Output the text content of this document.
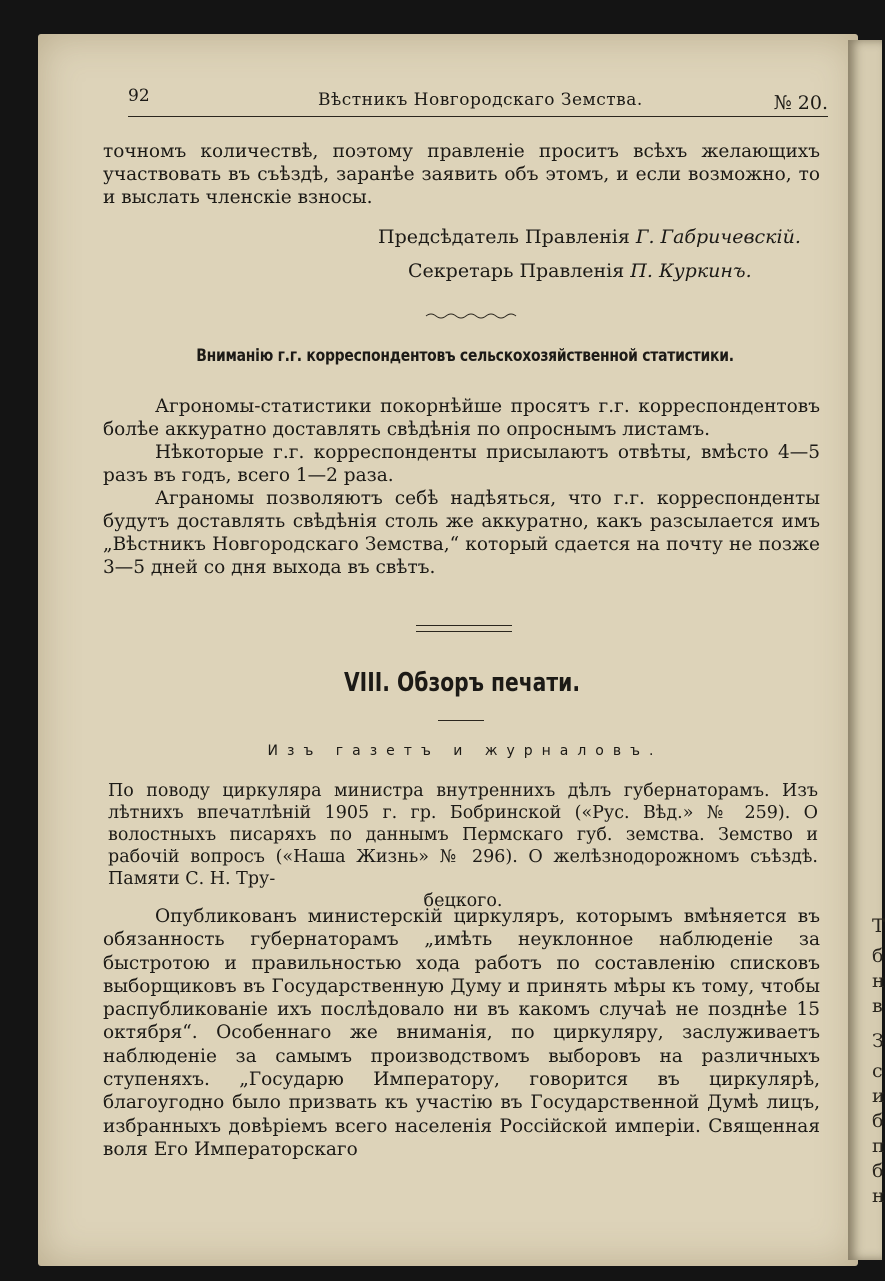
Т
б
н
в
З
с
и
б
п
б
н
92	Вѣстникъ Новгородскаго Земства.	№ 20.

точномъ количествѣ, поэтому правленіе проситъ всѣхъ желающихъ участвовать въ съѣздѣ, заранѣе заявить объ этомъ, и если возможно, то и выслать членскіе взносы.

Предсѣдатель Правленія Г. Габричевскій.
Секретарь Правленія П. Куркинъ.
Вниманію г.г. корреспондентовъ сельскохозяйственной статистики.

Агрономы-статистики покорнѣйше просятъ г.г. корреспондентовъ болѣе аккуратно доставлять свѣдѣнія по опроснымъ листамъ.

Нѣкоторые г.г. корреспонденты присылаютъ отвѣты, вмѣсто 4—5 разъ въ годъ, всего 1—2 раза.

Аграномы позволяютъ себѣ надѣяться, что г.г. корреспонденты будутъ доставлять свѣдѣнія столь же аккуратно, какъ разсылается имъ „Вѣстникъ Новгородскаго Земства,“ который сдается на почту не позже 3—5 дней со дня выхода въ свѣтъ.

VIII. Обзоръ печати.
Изъ газетъ и журналовъ.

По поводу циркуляра министра внутреннихъ дѣлъ губернаторамъ. Изъ лѣтнихъ впечатлѣній 1905 г. гр. Бобринской («Рус. Вѣд.» № 259). О волостныхъ писаряхъ по даннымъ Пермскаго губ. земства. Земство и рабочій вопросъ («Наша Жизнь» № 296). О желѣзнодорожномъ съѣздѣ. Памяти С. Н. Тру-

бецкого.

Опубликованъ министерскій циркуляръ, которымъ вмѣняется въ обязанность губернаторамъ „имѣть неуклонное наблюденіе за быстротою и правильностью хода работъ по составленію списковъ выборщиковъ въ Государственную Думу и принять мѣры къ тому, чтобы распубликованіе ихъ послѣдовало ни въ какомъ случаѣ не позднѣе 15 октября“. Особеннаго же вниманія, по циркуляру, заслуживаетъ наблюденіе за самымъ производствомъ выборовъ на различныхъ ступеняхъ. „Государю Императору, говорится въ циркулярѣ, благоугодно было призвать къ участію въ Государственной Думѣ лицъ, избранныхъ довѣріемъ всего населенія Россійской имперіи. Священная воля Его Императорскаго
